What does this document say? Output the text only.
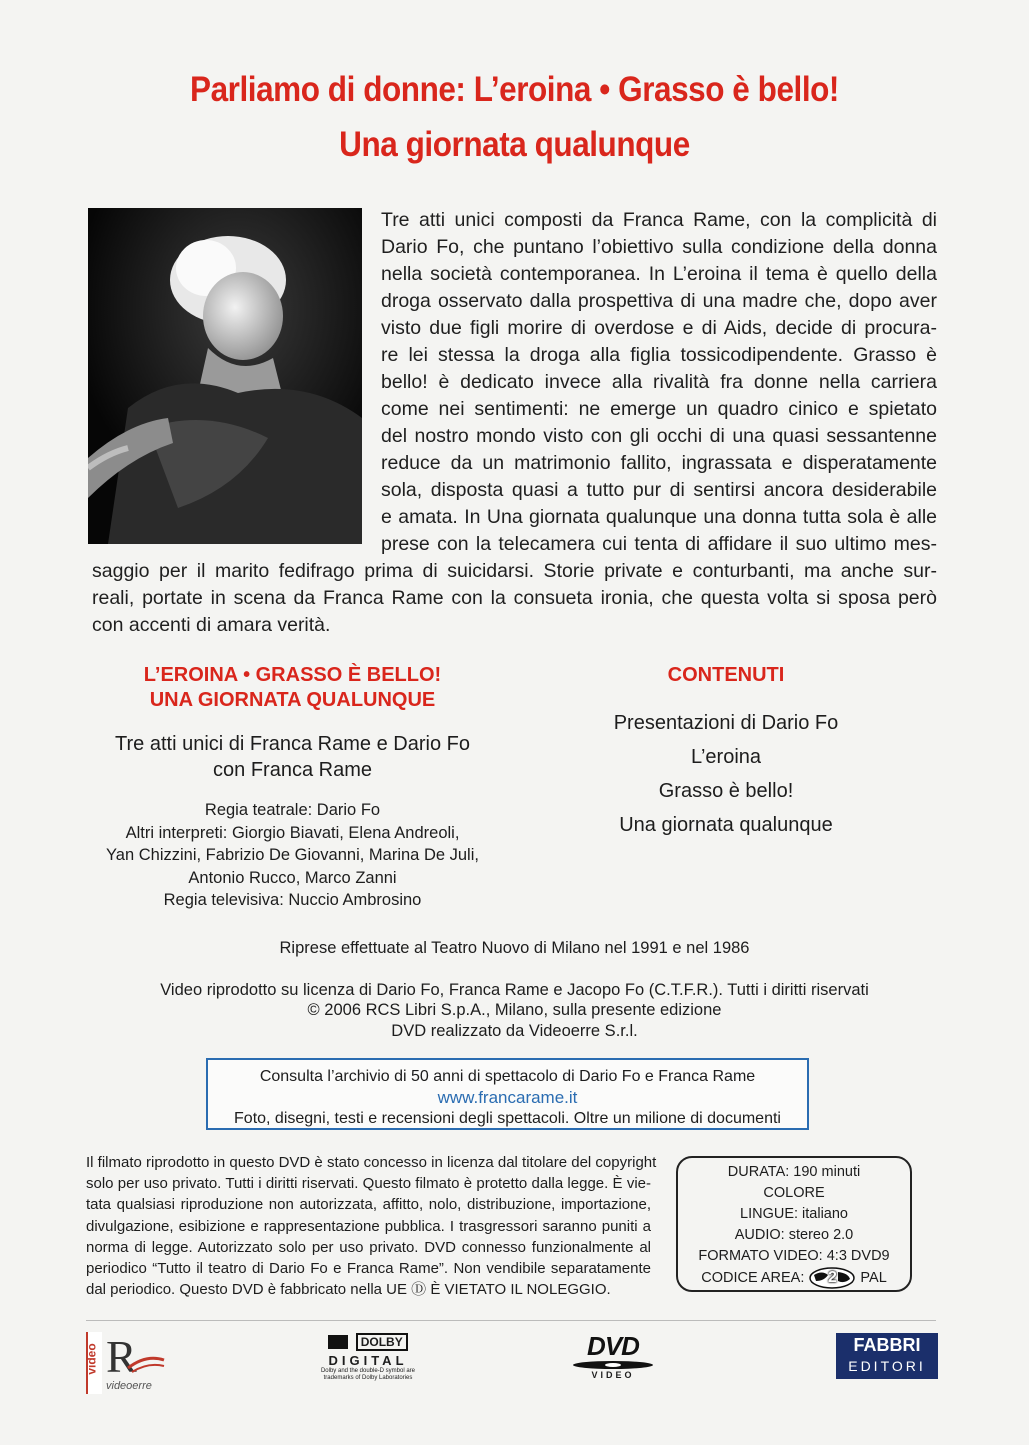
Parliamo di donne: L’eroina • Grasso è bello!
Una giornata qualunque

Tre atti unici composti da Franca Rame, con la complicità di

Dario Fo, che puntano l’obiettivo sulla condizione della donna

nella società contemporanea. In L’eroina il tema è quello della

droga osservato dalla prospettiva di una madre che, dopo aver

visto due figli morire di overdose e di Aids, decide di procura-

re lei stessa la droga alla figlia tossicodipendente. Grasso è

bello! è dedicato invece alla rivalità fra donne nella carriera

come nei sentimenti: ne emerge un quadro cinico e spietato

del nostro mondo visto con gli occhi di una quasi sessantenne

reduce da un matrimonio fallito, ingrassata e disperatamente

sola, disposta quasi a tutto pur di sentirsi ancora desiderabile

e amata. In Una giornata qualunque una donna tutta sola è alle

prese con la telecamera cui tenta di affidare il suo ultimo mes-

saggio per il marito fedifrago prima di suicidarsi. Storie private e conturbanti, ma anche sur-

reali, portate in scena da Franca Rame con la consueta ironia, che questa volta si sposa però

con accenti di amara verità.

L’EROINA • GRASSO È BELLO!
UNA GIORNATA QUALUNQUE
Tre atti unici di Franca Rame e Dario Fo
con Franca Rame
Regia teatrale: Dario Fo
Altri interpreti: Giorgio Biavati, Elena Andreoli,
Yan Chizzini, Fabrizio De Giovanni, Marina De Juli,
Antonio Rucco, Marco Zanni
Regia televisiva: Nuccio Ambrosino
CONTENUTI
Presentazioni di Dario Fo
L’eroina
Grasso è bello!
Una giornata qualunque
Riprese effettuate al Teatro Nuovo di Milano nel 1991 e nel 1986
Video riprodotto su licenza di Dario Fo, Franca Rame e Jacopo Fo (C.T.F.R.). Tutti i diritti riservati
© 2006 RCS Libri S.p.A., Milano, sulla presente edizione
DVD realizzato da Videoerre S.r.l.
Consulta l’archivio di 50 anni di spettacolo di Dario Fo e Franca Rame
www.francarame.it
Foto, disegni, testi e recensioni degli spettacoli. Oltre un milione di documenti
Il filmato riprodotto in questo DVD è stato concesso in licenza dal titolare del copyright
solo per uso privato. Tutti i diritti riservati. Questo filmato è protetto dalla legge. È vie-
tata qualsiasi riproduzione non autorizzata, affitto, nolo, distribuzione, importazione,
divulgazione, esibizione e rappresentazione pubblica. I trasgressori saranno puniti a
norma di legge. Autorizzato solo per uso privato. DVD connesso funzionalmente al
periodico “Tutto il teatro di Dario Fo e Franca Rame”. Non vendibile separatamente
dal periodico. Questo DVD è fabbricato nella UE Ⓓ È VIETATO IL NOLEGGIO.
DURATA: 190 minuti
COLORE
LINGUE: italiano
AUDIO: stereo 2.0
FORMATO VIDEO: 4:3 DVD9
CODICE AREA:	2	PAL
video R
videoerre
DOLBY
DIGITAL
Dolby and the double-D symbol are
trademarks of Dolby Laboratories
DVD
VIDEO
FABBRI
EDITORI
